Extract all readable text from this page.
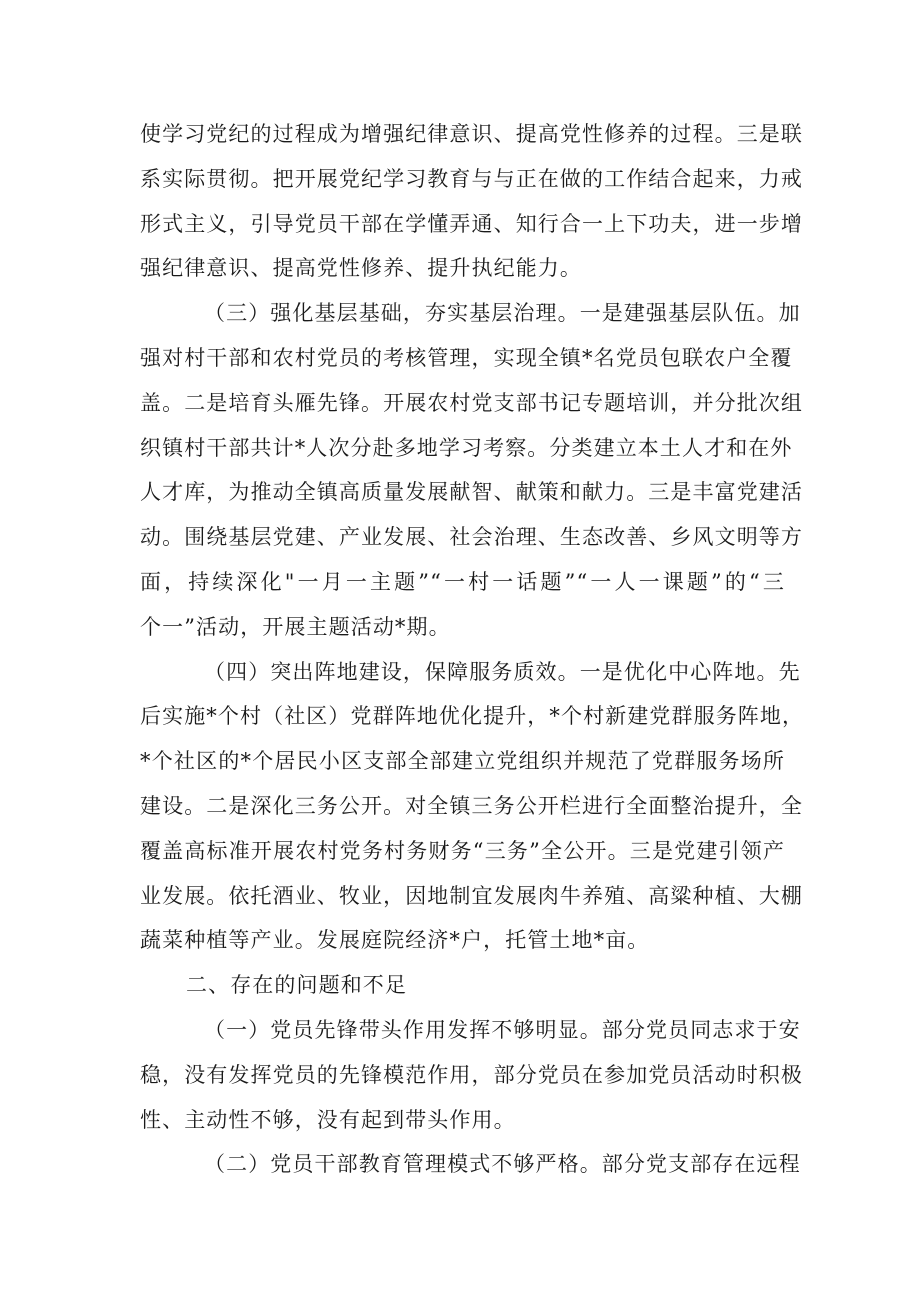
使学习党纪的过程成为增强纪律意识、提高党性修养的过程。三是联
系实际贯彻。把开展党纪学习教育与与正在做的工作结合起来，力戒
形式主义，引导党员干部在学懂弄通、知行合一上下功夫，进一步增
强纪律意识、提高党性修养、提升执纪能力。
（三）强化基层基础，夯实基层治理。一是建强基层队伍。加
强对村干部和农村党员的考核管理，实现全镇*名党员包联农户全覆
盖。二是培育头雁先锋。开展农村党支部书记专题培训，并分批次组
织镇村干部共计*人次分赴多地学习考察。分类建立本土人才和在外
人才库，为推动全镇高质量发展献智、献策和献力。三是丰富党建活
动。围绕基层党建、产业发展、社会治理、生态改善、乡风文明等方
面，持续深化"一月一主题”“一村一话题”“一人一课题”的“三
个一”活动，开展主题活动*期。
（四）突出阵地建设，保障服务质效。一是优化中心阵地。先
后实施*个村（社区）党群阵地优化提升，*个村新建党群服务阵地，
*个社区的*个居民小区支部全部建立党组织并规范了党群服务场所
建设。二是深化三务公开。对全镇三务公开栏进行全面整治提升，全
覆盖高标准开展农村党务村务财务“三务”全公开。三是党建引领产
业发展。依托酒业、牧业，因地制宜发展肉牛养殖、高粱种植、大棚
蔬菜种植等产业。发展庭院经济*户，托管土地*亩。
二、存在的问题和不足
（一）党员先锋带头作用发挥不够明显。部分党员同志求于安
稳，没有发挥党员的先锋模范作用，部分党员在参加党员活动时积极
性、主动性不够，没有起到带头作用。
（二）党员干部教育管理模式不够严格。部分党支部存在远程
